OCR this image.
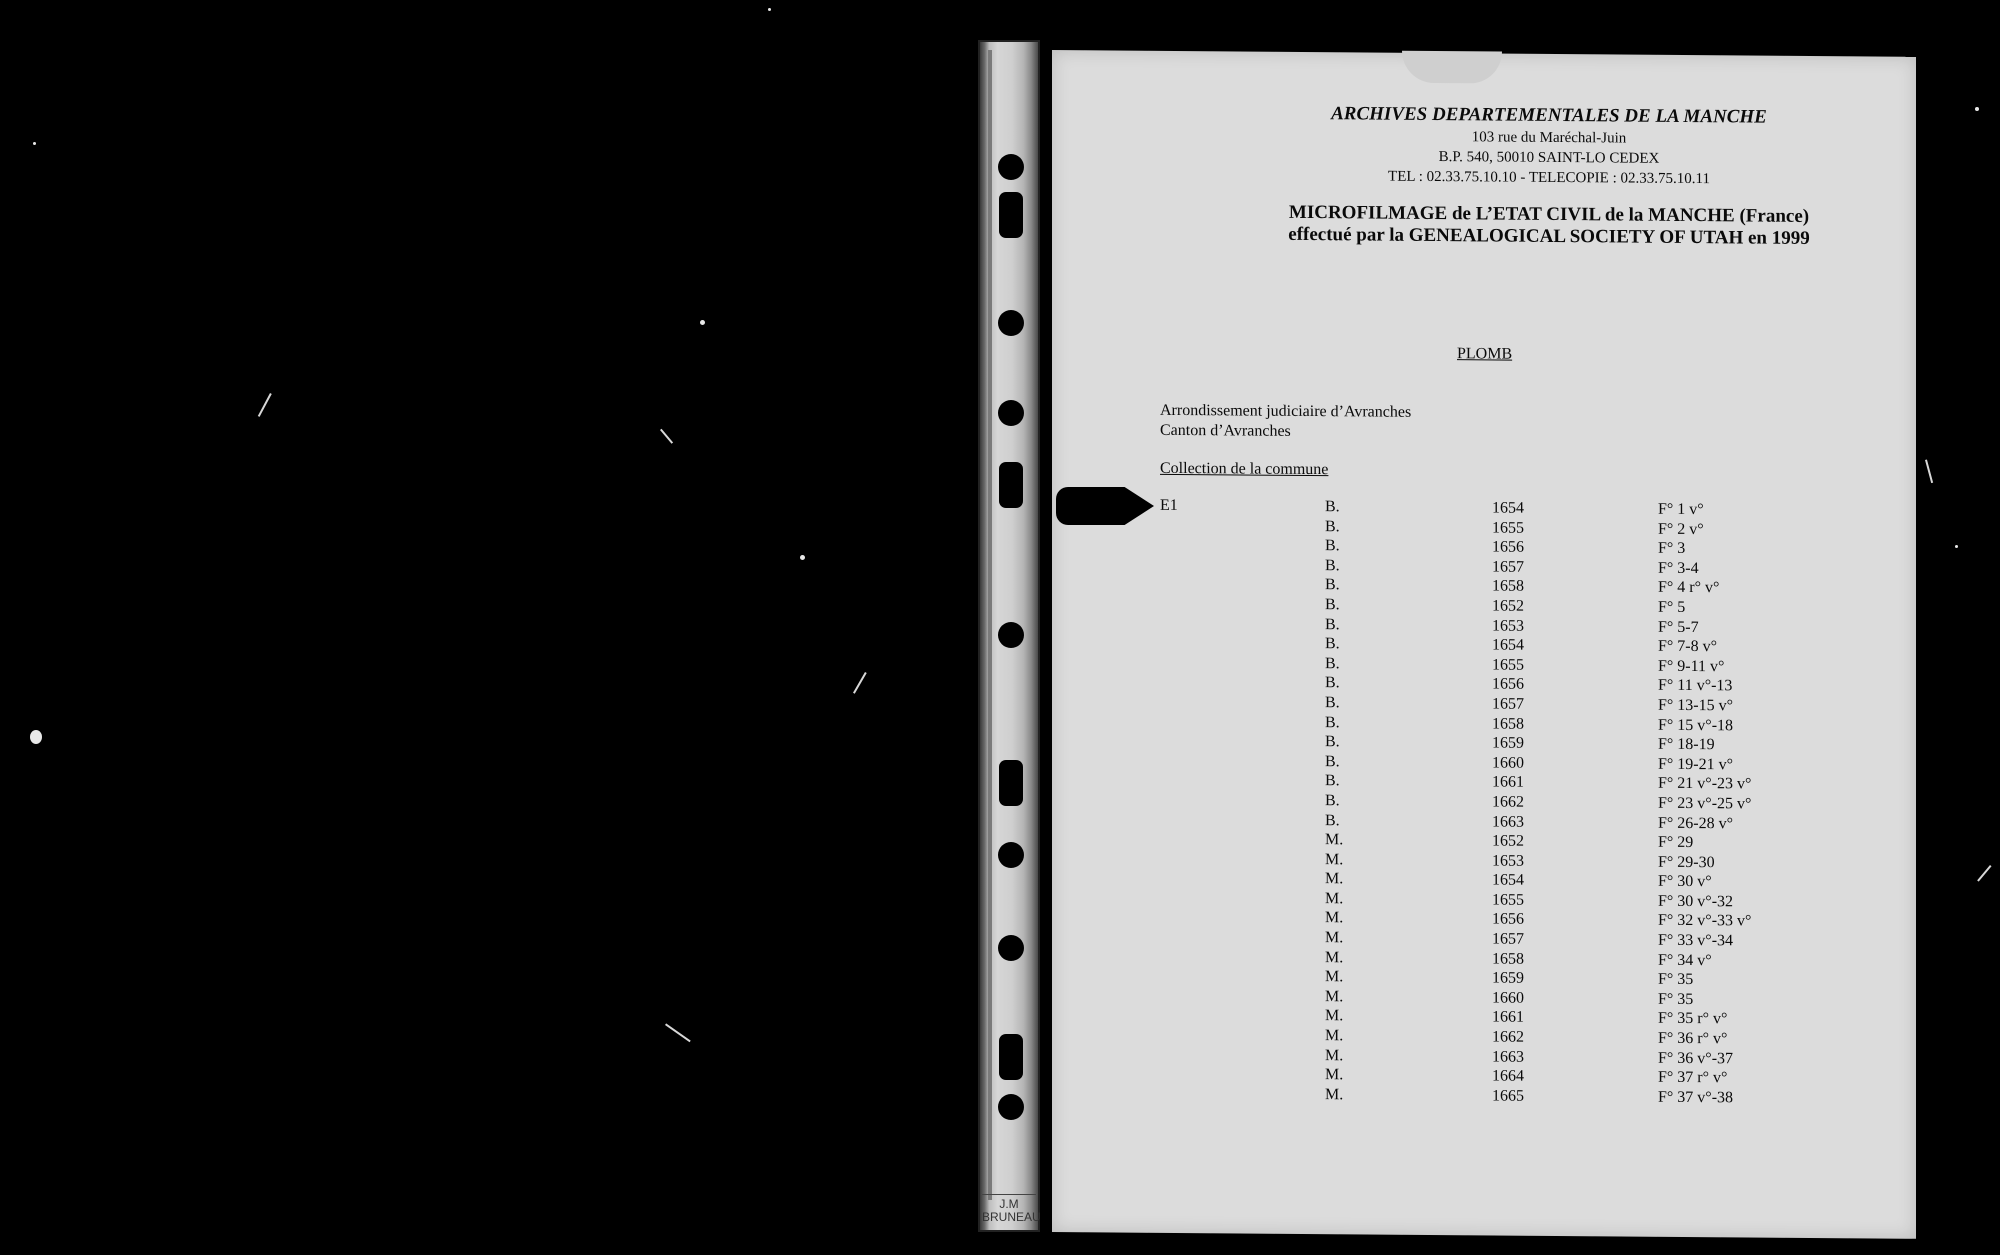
J.M
BRUNEAU
ARCHIVES DEPARTEMENTALES DE LA MANCHE
103 rue du Maréchal-Juin
B.P. 540, 50010 SAINT-LO CEDEX
TEL : 02.33.75.10.10 - TELECOPIE : 02.33.75.10.11
MICROFILMAGE de L’ETAT CIVIL de la MANCHE (France)
effectué par la GENEALOGICAL SOCIETY OF UTAH en 1999
PLOMB
Arrondissement judiciaire d’Avranches
Canton d’Avranches
Collection de la commune
E1	B.	1654	F° 1 v°
B.	1655	F° 2 v°
B.	1656	F° 3
B.	1657	F° 3-4
B.	1658	F° 4 r° v°
B.	1652	F° 5
B.	1653	F° 5-7
B.	1654	F° 7-8 v°
B.	1655	F° 9-11 v°
B.	1656	F° 11 v°-13
B.	1657	F° 13-15 v°
B.	1658	F° 15 v°-18
B.	1659	F° 18-19
B.	1660	F° 19-21 v°
B.	1661	F° 21 v°-23 v°
B.	1662	F° 23 v°-25 v°
B.	1663	F° 26-28 v°
M.	1652	F° 29
M.	1653	F° 29-30
M.	1654	F° 30 v°
M.	1655	F° 30 v°-32
M.	1656	F° 32 v°-33 v°
M.	1657	F° 33 v°-34
M.	1658	F° 34 v°
M.	1659	F° 35
M.	1660	F° 35
M.	1661	F° 35 r° v°
M.	1662	F° 36 r° v°
M.	1663	F° 36 v°-37
M.	1664	F° 37 r° v°
M.	1665	F° 37 v°-38
